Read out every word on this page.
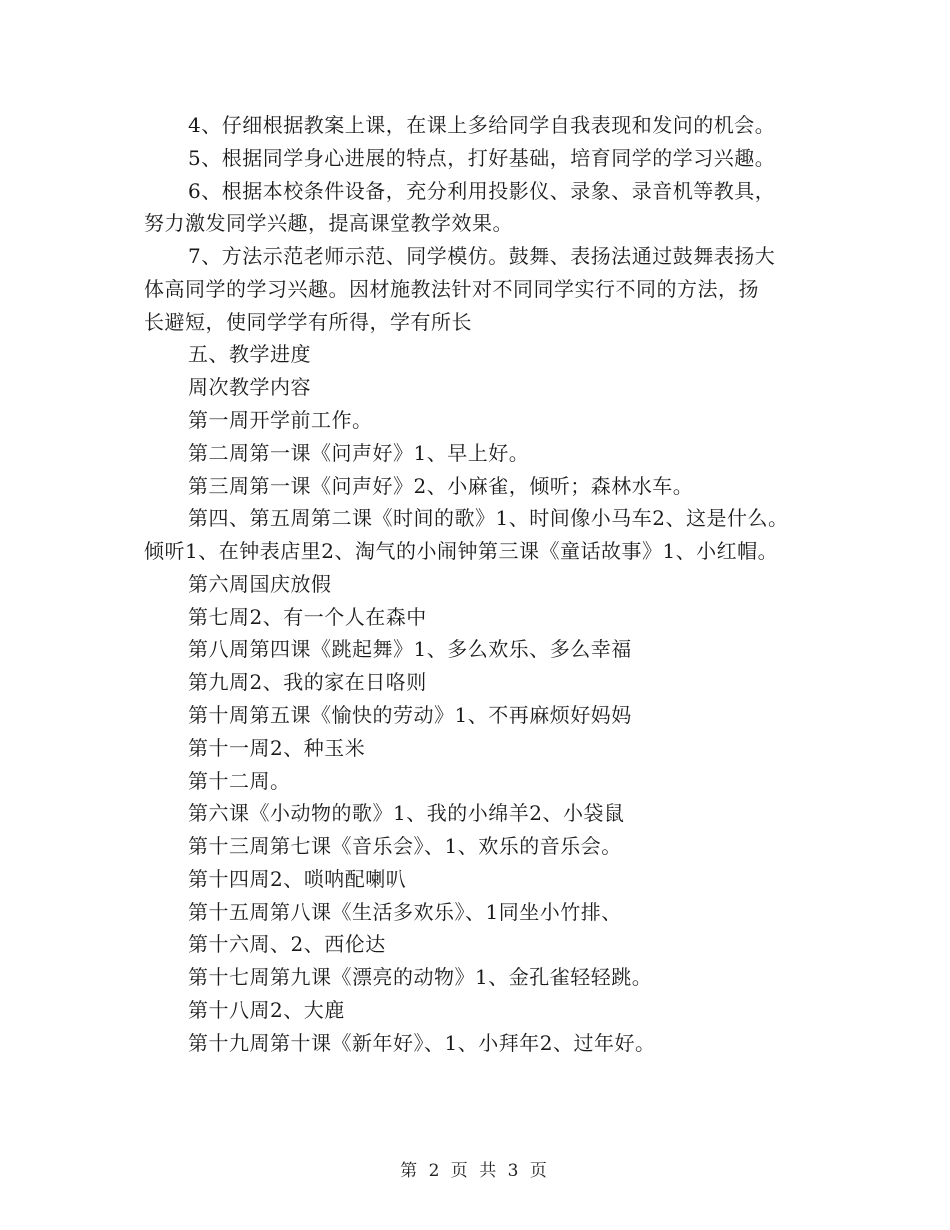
4、仔细根据教案上课，在课上多给同学自我表现和发问的机会。
5、根据同学身心进展的特点，打好基础，培育同学的学习兴趣。
6、根据本校条件设备，充分利用投影仪、录象、录音机等教具，
努力激发同学兴趣，提高课堂教学效果。
7、方法示范老师示范、同学模仿。鼓舞、表扬法通过鼓舞表扬大
体高同学的学习兴趣。因材施教法针对不同同学实行不同的方法，扬
长避短，使同学学有所得，学有所长
五、教学进度
周次教学内容
第一周开学前工作。
第二周第一课《问声好》1、早上好。
第三周第一课《问声好》2、小麻雀，倾听；森林水车。
第四、第五周第二课《时间的歌》1、时间像小马车2、这是什么。
倾听1、在钟表店里2、淘气的小闹钟第三课《童话故事》1、小红帽。
第六周国庆放假
第七周2、有一个人在森中
第八周第四课《跳起舞》1、多么欢乐、多么幸福
第九周2、我的家在日咯则
第十周第五课《愉快的劳动》1、不再麻烦好妈妈
第十一周2、种玉米
第十二周。
第六课《小动物的歌》1、我的小绵羊2、小袋鼠
第十三周第七课《音乐会》、1、欢乐的音乐会。
第十四周2、唢呐配喇叭
第十五周第八课《生活多欢乐》、1同坐小竹排、
第十六周、2、西伦达
第十七周第九课《漂亮的动物》1、金孔雀轻轻跳。
第十八周2、大鹿
第十九周第十课《新年好》、1、小拜年2、过年好。
第 2 页 共 3 页
